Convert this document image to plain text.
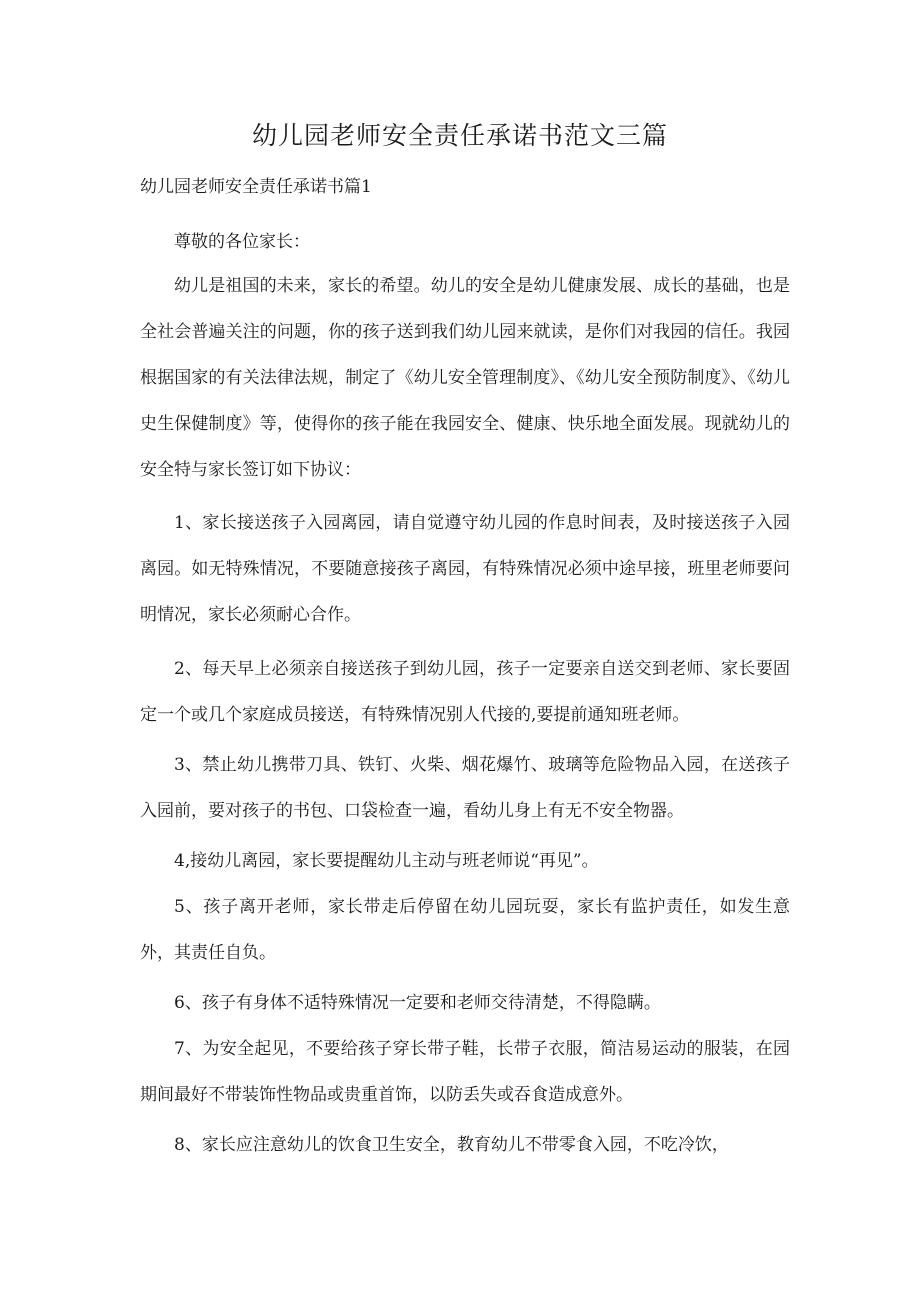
幼儿园老师安全责任承诺书范文三篇

幼儿园老师安全责任承诺书篇1

尊敬的各位家长：

幼儿是祖国的未来，家长的希望。幼儿的安全是幼儿健康发展、成长的基础，也是全社会普遍关注的问题，你的孩子送到我们幼儿园来就读，是你们对我园的信任。我园根据国家的有关法律法规，制定了《幼儿安全管理制度》、《幼儿安全预防制度》、《幼儿史生保健制度》等，使得你的孩子能在我园安全、健康、快乐地全面发展。现就幼儿的安全特与家长签订如下协议：

1、家长接送孩子入园离园，请自觉遵守幼儿园的作息时间表，及时接送孩子入园离园。如无特殊情况，不要随意接孩子离园，有特殊情况必须中途早接，班里老师要问明情况，家长必须耐心合作。

2、每天早上必须亲自接送孩子到幼儿园，孩子一定要亲自送交到老师、家长要固定一个或几个家庭成员接送，有特殊情况别人代接的,要提前通知班老师。

3、禁止幼儿携带刀具、铁钉、火柴、烟花爆竹、玻璃等危险物品入园，在送孩子入园前，要对孩子的书包、口袋检查一遍，看幼儿身上有无不安全物器。

4,接幼儿离园，家长要提醒幼儿主动与班老师说“再见”。

5、孩子离开老师，家长带走后停留在幼儿园玩耍，家长有监护责任，如发生意外，其责任自负。

6、孩子有身体不适特殊情况一定要和老师交待清楚，不得隐瞒。

7、为安全起见，不要给孩子穿长带子鞋，长带子衣服，简洁易运动的服装，在园期间最好不带装饰性物品或贵重首饰，以防丢失或吞食造成意外。

8、家长应注意幼儿的饮食卫生安全，教育幼儿不带零食入园，不吃冷饮，
